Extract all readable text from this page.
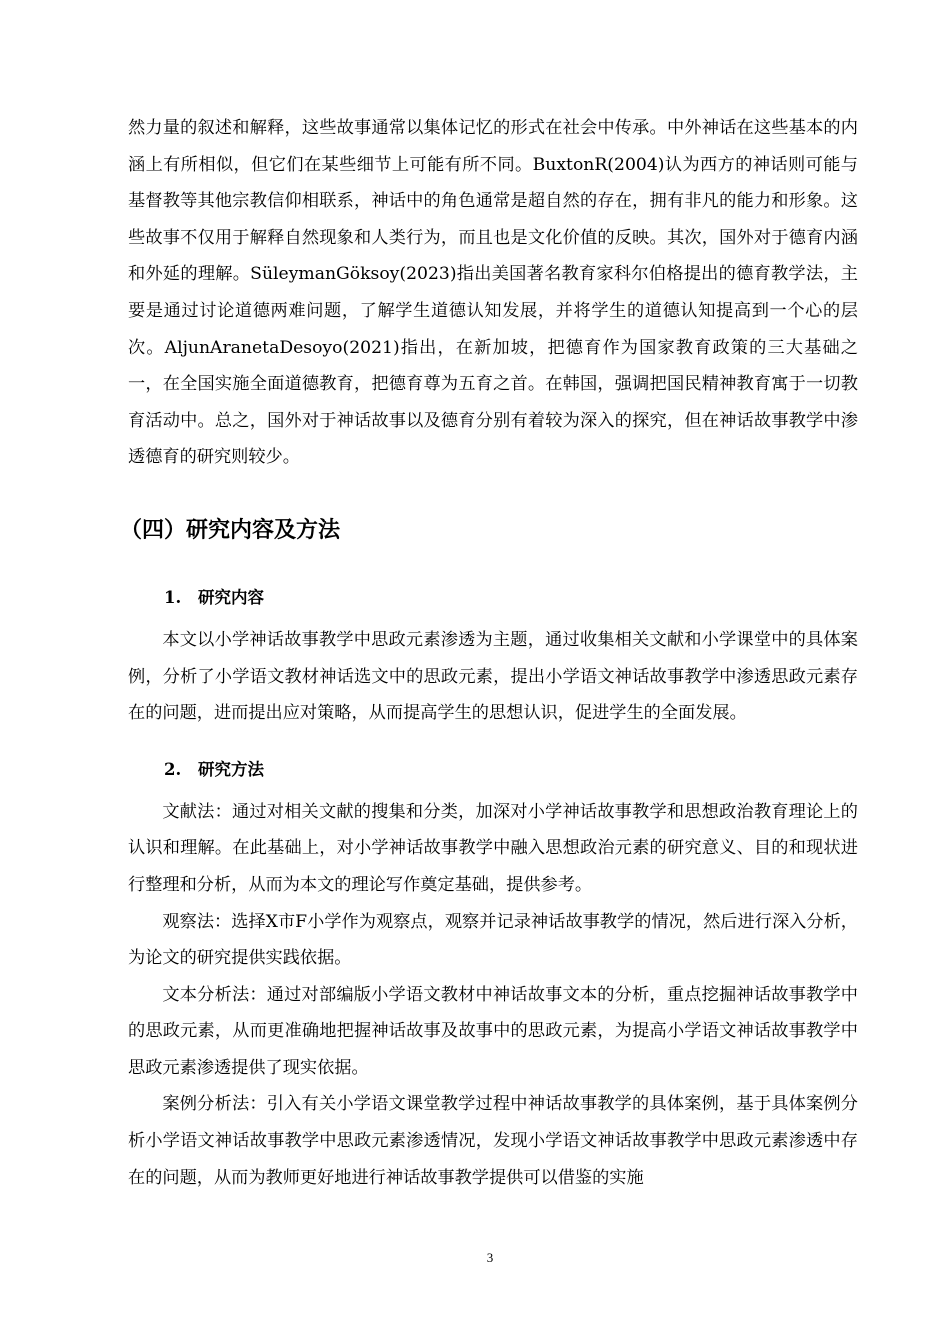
然力量的叙述和解释，这些故事通常以集体记忆的形式在社会中传承。中外神话在这些基本的内涵上有所相似，但它们在某些细节上可能有所不同。BuxtonR(2004)认为西方的神话则可能与基督教等其他宗教信仰相联系，神话中的角色通常是超自然的存在，拥有非凡的能力和形象。这些故事不仅用于解释自然现象和人类行为，而且也是文化价值的反映。其次，国外对于德育内涵和外延的理解。SüleymanGöksoy(2023)指出美国著名教育家科尔伯格提出的德育教学法，主要是通过讨论道德两难问题，了解学生道德认知发展，并将学生的道德认知提高到一个心的层次。AljunAranetaDesoyo(2021)指出，在新加坡，把德育作为国家教育政策的三大基础之一，在全国实施全面道德教育，把德育尊为五育之首。在韩国，强调把国民精神教育寓于一切教育活动中。总之，国外对于神话故事以及德育分别有着较为深入的探究，但在神话故事教学中渗透德育的研究则较少。

（四）研究内容及方法
1. 研究内容

本文以小学神话故事教学中思政元素渗透为主题，通过收集相关文献和小学课堂中的具体案例，分析了小学语文教材神话选文中的思政元素，提出小学语文神话故事教学中渗透思政元素存在的问题，进而提出应对策略，从而提高学生的思想认识，促进学生的全面发展。

2. 研究方法

文献法：通过对相关文献的搜集和分类，加深对小学神话故事教学和思想政治教育理论上的认识和理解。在此基础上，对小学神话故事教学中融入思想政治元素的研究意义、目的和现状进行整理和分析，从而为本文的理论写作奠定基础，提供参考。

观察法：选择X市F小学作为观察点，观察并记录神话故事教学的情况，然后进行深入分析，为论文的研究提供实践依据。

文本分析法：通过对部编版小学语文教材中神话故事文本的分析，重点挖掘神话故事教学中的思政元素，从而更准确地把握神话故事及故事中的思政元素，为提高小学语文神话故事教学中思政元素渗透提供了现实依据。

案例分析法：引入有关小学语文课堂教学过程中神话故事教学的具体案例，基于具体案例分析小学语文神话故事教学中思政元素渗透情况，发现小学语文神话故事教学中思政元素渗透中存在的问题，从而为教师更好地进行神话故事教学提供可以借鉴的实施

3
